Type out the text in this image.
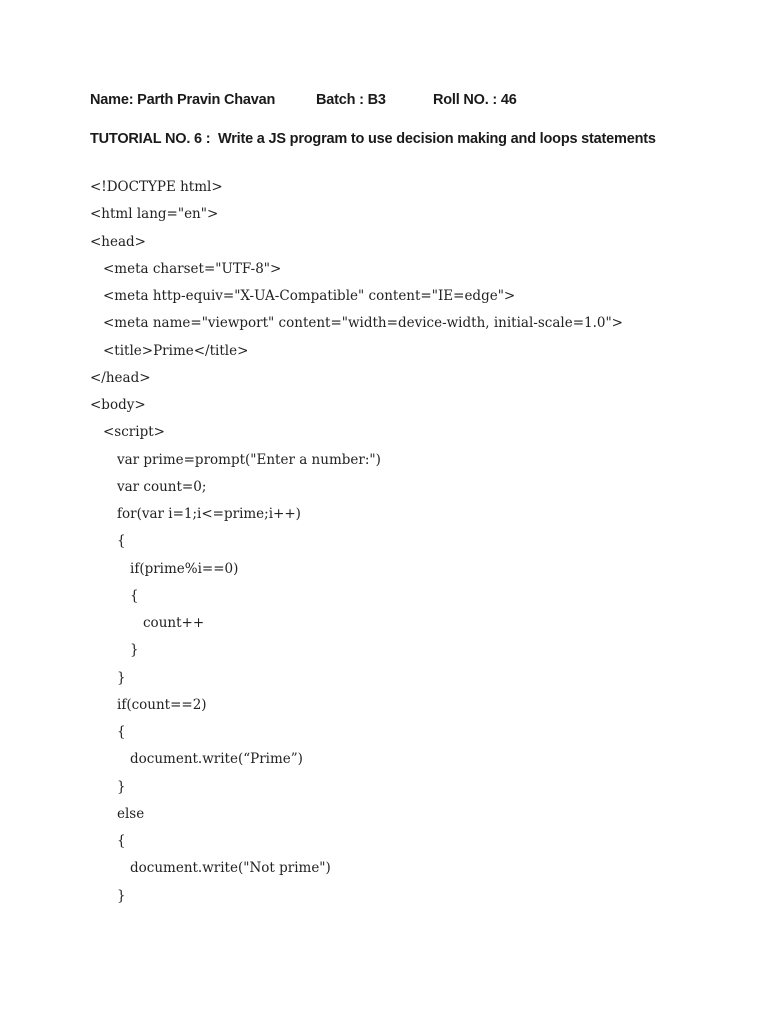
Name: Parth Pravin Chavan	Batch : B3	Roll NO. : 46
TUTORIAL NO. 6 :  Write a JS program to use decision making and loops statements
<!DOCTYPE html>
<html lang="en">
<head>
<meta charset="UTF-8">
<meta http-equiv="X-UA-Compatible" content="IE=edge">
<meta name="viewport" content="width=device-width, initial-scale=1.0">
<title>Prime</title>
</head>
<body>
<script>
var prime=prompt("Enter a number:")
var count=0;
for(var i=1;i<=prime;i++)
{
if(prime%i==0)
{
count++
}
}
if(count==2)
{
document.write(“Prime”)
}
else
{
document.write("Not prime")
}
